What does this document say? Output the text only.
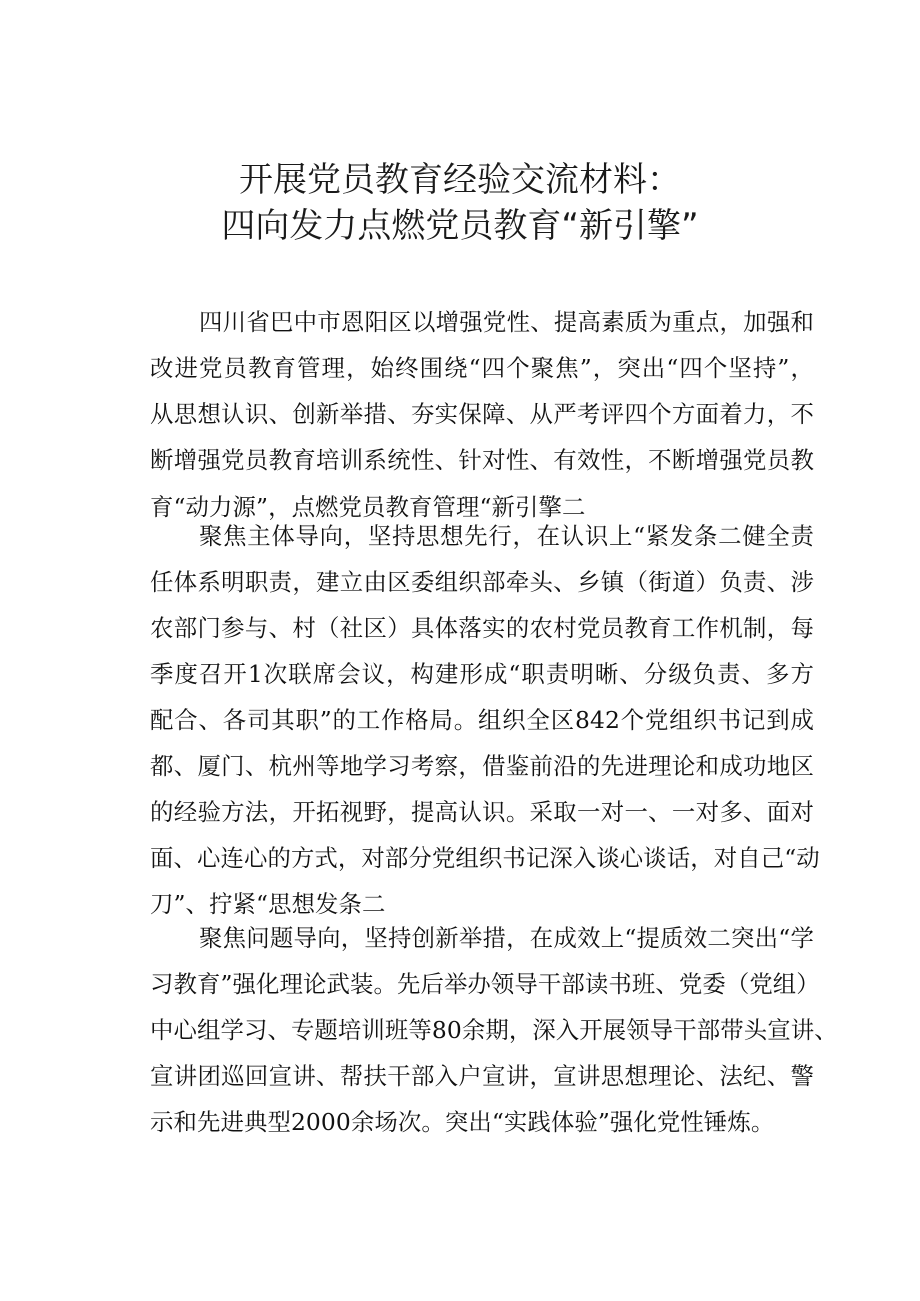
开展党员教育经验交流材料：
四向发力点燃党员教育“新引擎”
四川省巴中市恩阳区以增强党性、提高素质为重点，加强和
改进党员教育管理，始终围绕“四个聚焦”，突出“四个坚持”，
从思想认识、创新举措、夯实保障、从严考评四个方面着力，不
断增强党员教育培训系统性、针对性、有效性，不断增强党员教
育“动力源”，点燃党员教育管理“新引擎二
聚焦主体导向，坚持思想先行，在认识上“紧发条二健全责
任体系明职责，建立由区委组织部牵头、乡镇（街道）负责、涉
农部门参与、村（社区）具体落实的农村党员教育工作机制，每
季度召开1次联席会议，构建形成“职责明晰、分级负责、多方
配合、各司其职”的工作格局。组织全区842个党组织书记到成
都、厦门、杭州等地学习考察，借鉴前沿的先进理论和成功地区
的经验方法，开拓视野，提高认识。采取一对一、一对多、面对
面、心连心的方式，对部分党组织书记深入谈心谈话，对自己“动
刀”、拧紧“思想发条二
聚焦问题导向，坚持创新举措，在成效上“提质效二突出“学
习教育”强化理论武装。先后举办领导干部读书班、党委（党组）
中心组学习、专题培训班等80余期，深入开展领导干部带头宣讲、
宣讲团巡回宣讲、帮扶干部入户宣讲，宣讲思想理论、法纪、警
示和先进典型2000余场次。突出“实践体验”强化党性锤炼。
